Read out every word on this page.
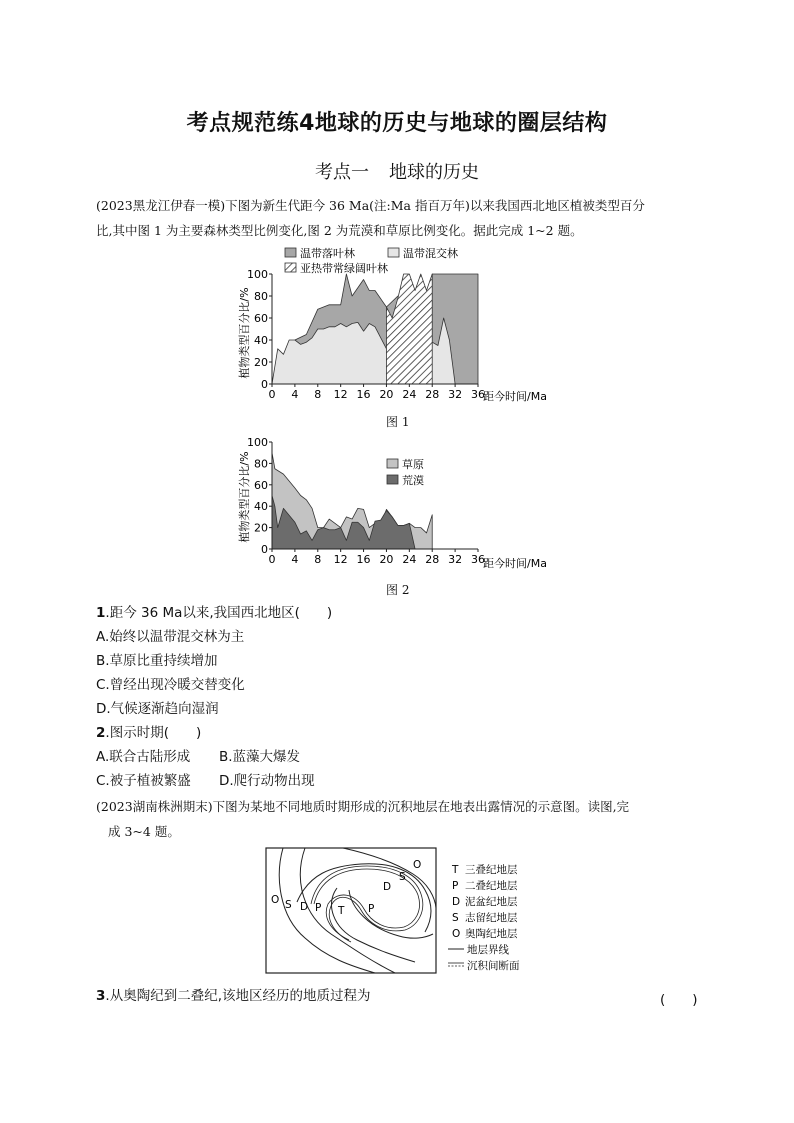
考点规范练4地球的历史与地球的圈层结构
考点一 地球的历史
(2023黑龙江伊春一模)下图为新生代距今 36 Ma(注:Ma 指百万年)以来我国西北地区植被类型百分
比,其中图 1 为主要森林类型比例变化,图 2 为荒漠和草原比例变化。据此完成 1~2 题。
温带落叶林	温带混交林
亚热带常绿阔叶林
0
20
40
60
80
100
0 4 8 12 16 20 24 28 32 36
植物类型百分比/%
距今时间/Ma
图 1
草原
荒漠
0
20
40
60
80
100
0 4 8 12 16 20 24 28 32 36
植物类型百分比/%
距今时间/Ma
图 2
1.距今 36 Ma以来,我国西北地区(　　)
A.始终以温带混交林为主
B.草原比重持续增加
C.曾经出现冷暖交替变化
D.气候逐渐趋向湿润
2.图示时期(　　)
A.联合古陆形成 B.蓝藻大爆发
C.被子植被繁盛 D.爬行动物出现
(2023湖南株洲期末)下图为某地不同地质时期形成的沉积地层在地表出露情况的示意图。读图,完
成 3~4 题。
O S D P T P
D
S
O	T 三叠纪地层
P 二叠纪地层
D 泥盆纪地层
S 志留纪地层
O 奥陶纪地层
地层界线
沉积间断面
3.从奥陶纪到二叠纪,该地区经历的地质过程为	(　　)
